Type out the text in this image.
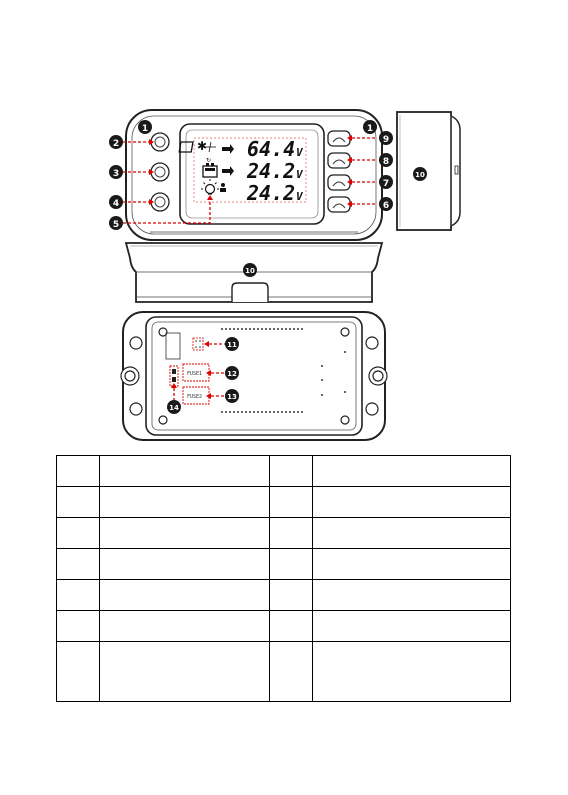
✱
↻ 64.4 V
24.2 V
24.2 V
FUSE1
FUSE2
1	1
2
3
4
5
6
7
8
9
10
10
11
12
13
14
